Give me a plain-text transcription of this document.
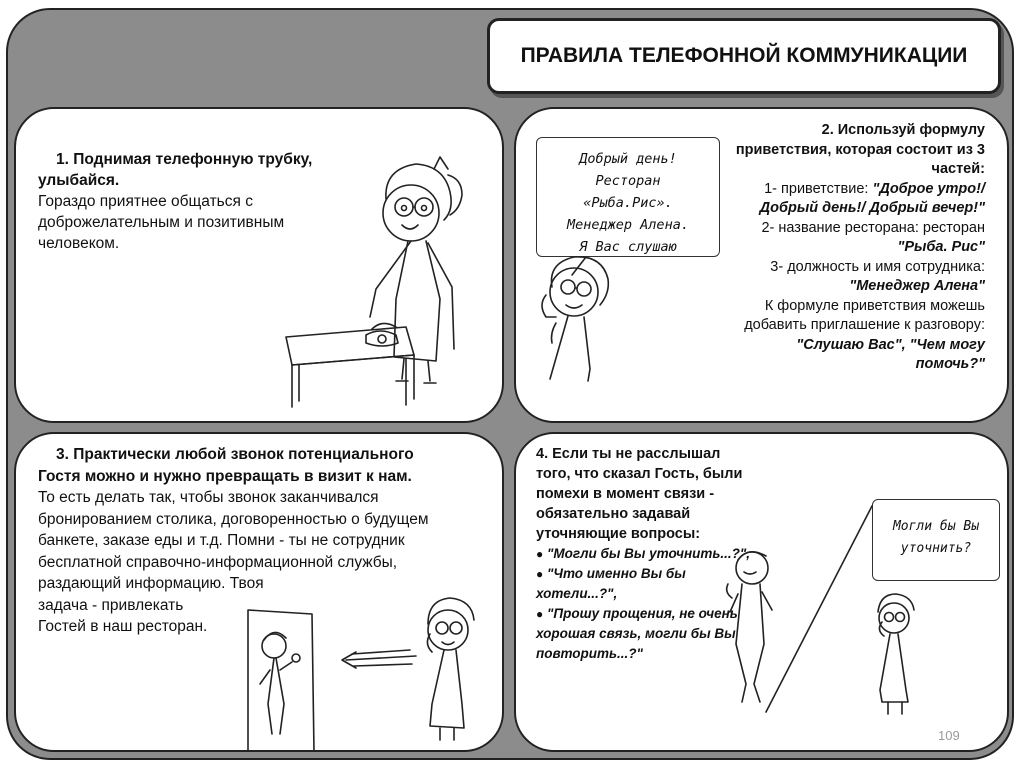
ПРАВИЛА ТЕЛЕФОННОЙ КОММУНИКАЦИИ
1. Поднимая телефонную трубку, улыбайся.
Гораздо приятнее общаться с доброжелательным и позитивным человеком.
Добрый день!
Ресторан
«Рыба.Рис».
Менеджер Алена.
Я Вас слушаю
2. Используй формулу приветствия, которая состоит из 3 частей:
1- приветствие: "Доброе утро!/ Добрый день!/ Добрый вечер!"
2- название ресторана: ресторан "Рыба. Рис"
3- должность и имя сотрудника: "Менеджер Алена"
К формуле приветствия можешь добавить приглашение к разговору: "Слушаю Вас", "Чем могу помочь?"
3. Практически любой звонок потенциального Гостя можно и нужно превращать в визит к нам.
То есть делать так, чтобы звонок заканчивался бронированием столика, договоренностью о будущем банкете, заказе еды и т.д. Помни - ты не сотрудник бесплатной справочно-информационной службы, раздающий информацию. Твоя
задача - привлекать
Гостей в наш ресторан.
4. Если ты не расслышал того, что сказал Гость, были помехи в момент связи - обязательно задавай уточняющие вопросы:
● "Могли бы Вы уточнить...?",
● "Что именно Вы бы хотели...?",
● "Прошу прощения, не очень хорошая связь, могли бы Вы повторить...?"
Могли бы Вы
уточнить?
109
